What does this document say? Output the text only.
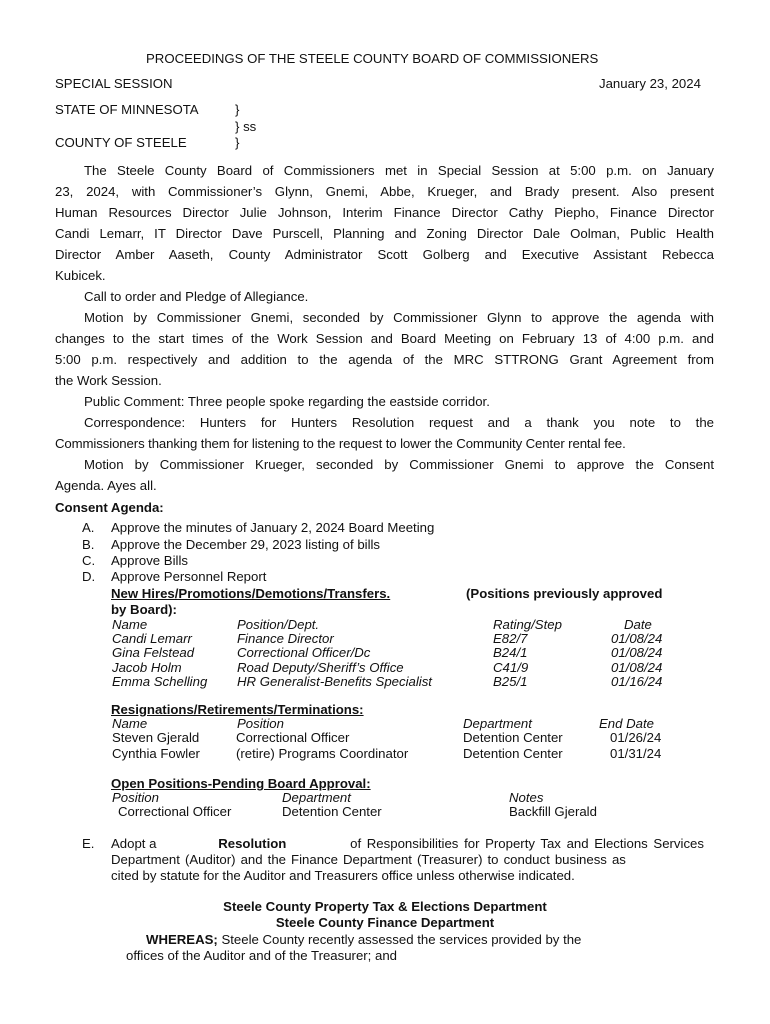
PROCEEDINGS OF THE STEELE COUNTY BOARD OF COMMISSIONERS
SPECIAL SESSION	January 23, 2024
STATE OF MINNESOTA	}
} ss
COUNTY OF STEELE	}
The Steele County Board of Commissioners met in Special Session at 5:00 p.m. on January
23, 2024, with Commissioner’s Glynn, Gnemi, Abbe, Krueger, and Brady present. Also present
Human Resources Director Julie Johnson, Interim Finance Director Cathy Piepho, Finance Director
Candi Lemarr, IT Director Dave Purscell, Planning and Zoning Director Dale Oolman, Public Health
Director Amber Aaseth, County Administrator Scott Golberg and Executive Assistant Rebecca
Kubicek.
Call to order and Pledge of Allegiance.
Motion by Commissioner Gnemi, seconded by Commissioner Glynn to approve the agenda with
changes to the start times of the Work Session and Board Meeting on February 13 of 4:00 p.m. and
5:00 p.m. respectively and addition to the agenda of the MRC STTRONG Grant Agreement from
the Work Session.
Public Comment: Three people spoke regarding the eastside corridor.
Correspondence: Hunters for Hunters Resolution request and a thank you note to the
Commissioners thanking them for listening to the request to lower the Community Center rental fee.
Motion by Commissioner Krueger, seconded by Commissioner Gnemi to approve the Consent
Agenda. Ayes all.
Consent Agenda:
A. Approve the minutes of January 2, 2024 Board Meeting
B. Approve the December 29, 2023 listing of bills
C. Approve Bills
D. Approve Personnel Report
New Hires/Promotions/Demotions/Transfers.	(Positions previously approved
by Board):
Name	Position/Dept.	Rating/Step	Date
Candi Lemarr	Finance Director	E82/7	01/08/24
Gina Felstead	Correctional Officer/Dc	B24/1	01/08/24
Jacob Holm	Road Deputy/Sheriff’s Office	C41/9	01/08/24
Emma Schelling HR Generalist-Benefits Specialist	B25/1	01/16/24
Resignations/Retirements/Terminations:
Name	Position	Department	End Date
Steven Gjerald	Correctional Officer	Detention Center	01/26/24
Cynthia Fowler	(retire) Programs Coordinator	Detention Center	01/31/24
Open Positions-Pending Board Approval:
Position	Department	Notes
Correctional Officer	Detention Center	Backfill Gjerald
E. Adopt a	Resolution	of Responsibilities for Property Tax and Elections Services
Department (Auditor) and the Finance Department (Treasurer) to conduct business as
cited by statute for the Auditor and Treasurers office unless otherwise indicated.
Steele County Property Tax & Elections Department
Steele County Finance Department
WHEREAS; Steele County recently assessed the services provided by the
offices of the Auditor and of the Treasurer; and
